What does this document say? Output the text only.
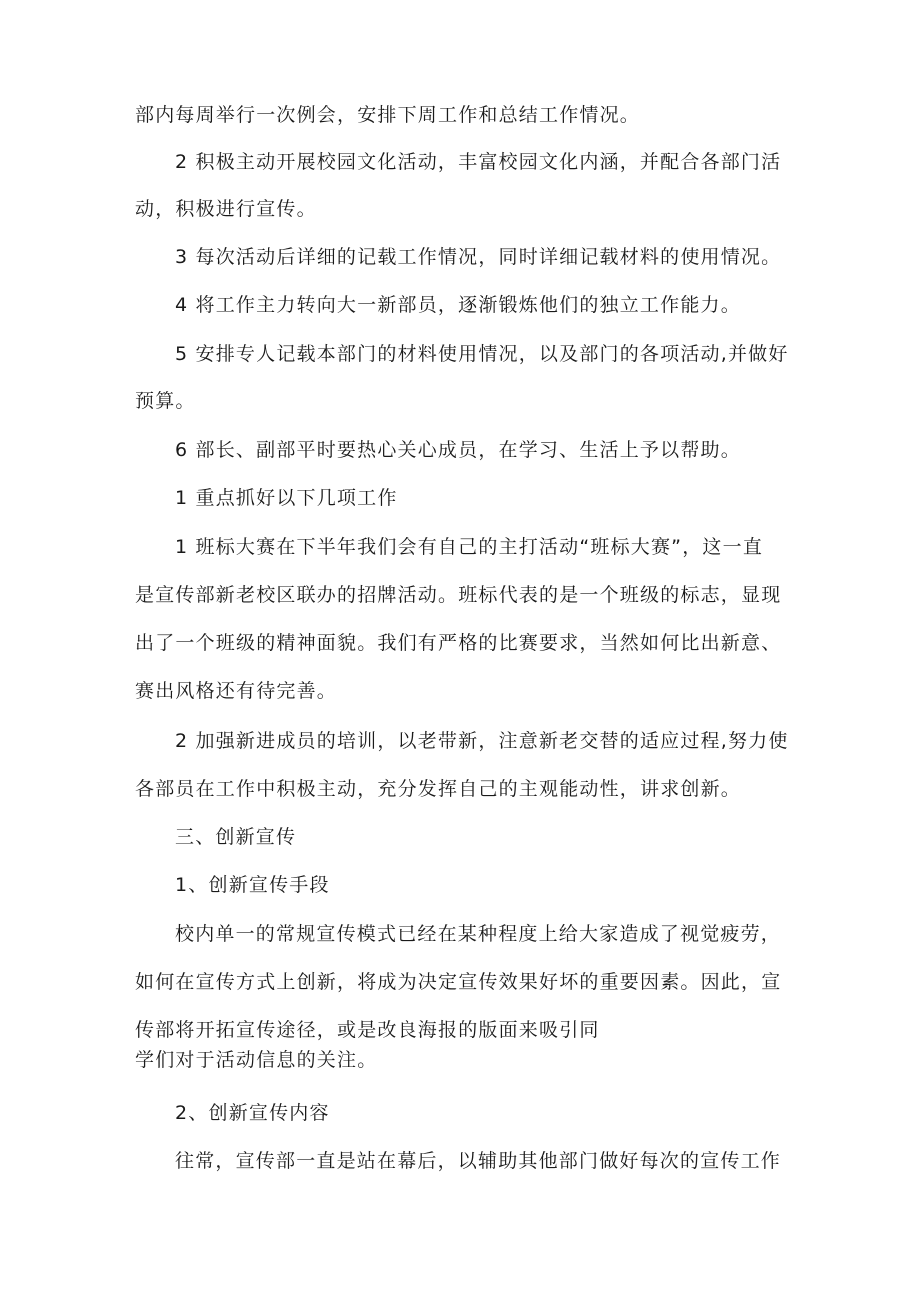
部内每周举行一次例会，安排下周工作和总结工作情况。
2 积极主动开展校园文化活动，丰富校园文化内涵，并配合各部门活
动，积极进行宣传。
3 每次活动后详细的记载工作情况，同时详细记载材料的使用情况。
4 将工作主力转向大一新部员，逐渐锻炼他们的独立工作能力。
5 安排专人记载本部门的材料使用情况，以及部门的各项活动,并做好
预算。
6 部长、副部平时要热心关心成员，在学习、生活上予以帮助。
1 重点抓好以下几项工作
1 班标大赛在下半年我们会有自己的主打活动“班标大赛”，这一直
是宣传部新老校区联办的招牌活动。班标代表的是一个班级的标志，显现
出了一个班级的精神面貌。我们有严格的比赛要求，当然如何比出新意、
赛出风格还有待完善。
2 加强新进成员的培训，以老带新，注意新老交替的适应过程,努力使
各部员在工作中积极主动，充分发挥自己的主观能动性，讲求创新。
三、创新宣传
1、创新宣传手段
校内单一的常规宣传模式已经在某种程度上给大家造成了视觉疲劳，
如何在宣传方式上创新，将成为决定宣传效果好坏的重要因素。因此，宣
传部将开拓宣传途径，或是改良海报的版面来吸引同
学们对于活动信息的关注。
2、创新宣传内容
往常，宣传部一直是站在幕后，以辅助其他部门做好每次的宣传工作
